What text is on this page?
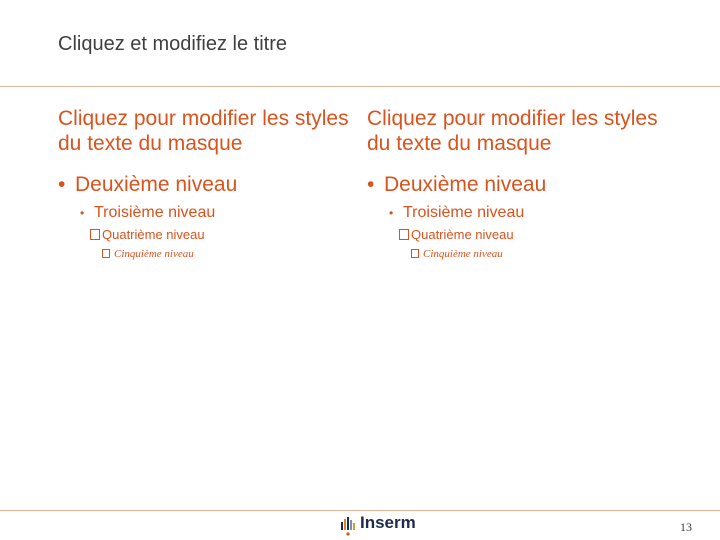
Cliquez et modifiez le titre

Cliquez pour modifier les styles du texte du masque

• Deuxième niveau
• Troisième niveau
Quatrième niveau
Cinquième niveau

Cliquez pour modifier les styles du texte du masque

• Deuxième niveau
• Troisième niveau
Quatrième niveau
Cinquième niveau
Inserm	13
